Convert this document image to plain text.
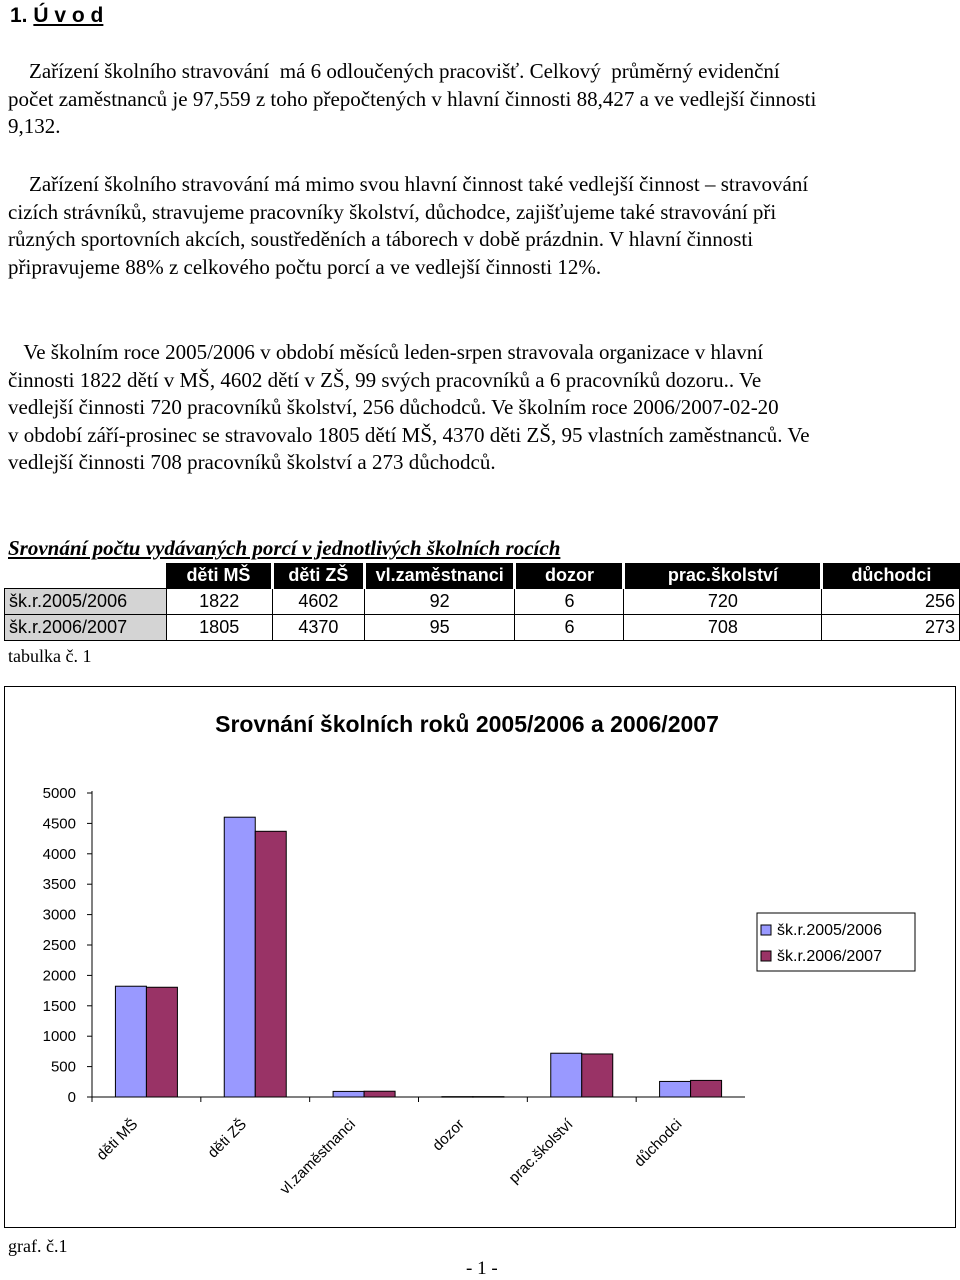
1. Ú v o d

Zařízení školního stravování  má 6 odloučených pracovišť. Celkový  průměrný evidenční
počet zaměstnanců je 97,559 z toho přepočtených v hlavní činnosti 88,427 a ve vedlejší činnosti
9,132.

Zařízení školního stravování má mimo svou hlavní činnost také vedlejší činnost – stravování
cizích strávníků, stravujeme pracovníky školství, důchodce, zajišťujeme také stravování při
různých sportovních akcích, soustředěních a táborech v době prázdnin. V hlavní činnosti
připravujeme 88% z celkového počtu porcí a ve vedlejší činnosti 12%.

Ve školním roce 2005/2006 v období měsíců leden-srpen stravovala organizace v hlavní
činnosti 1822 dětí v MŠ, 4602 dětí v ZŠ, 99 svých pracovníků a 6 pracovníků dozoru.. Ve
vedlejší činnosti 720 pracovníků školství, 256 důchodců. Ve školním roce 2006/2007-02-20
v období září-prosinec se stravovalo 1805 dětí MŠ, 4370 děti ZŠ, 95 vlastních zaměstnanců. Ve
vedlejší činnosti 708 pracovníků školství a 273 důchodců.

Srovnání počtu vydávaných porcí v jednotlivých školních rocích
	děti MŠ	děti ZŠ	vl.zaměstnanci	dozor	prac.školství	důchodci
šk.r.2005/2006	1822	4602	92	6	720	256
šk.r.2006/2007	1805	4370	95	6	708	273
tabulka č. 1
Srovnání školních roků 2005/2006 a 2006/2007
0
500
1000
1500
2000
2500
3000
3500
4000
4500
5000
děti MŠ	děti ZŠ vl.zaměstnanci	dozor	prac.školství	důchodci
šk.r.2005/2006
šk.r.2006/2007
graf. č.1
- 1 -
